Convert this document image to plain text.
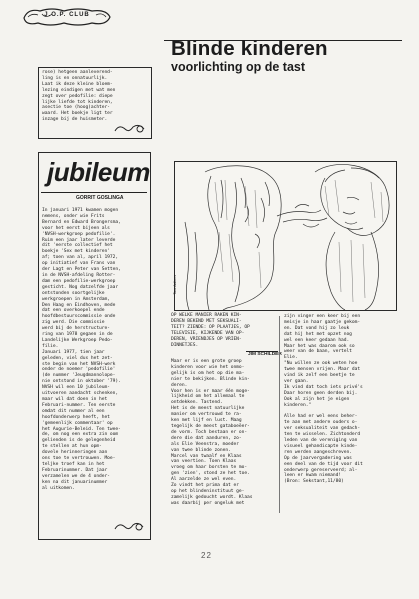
J.O.P. CLUB
rose) hetgeen aanleverend-
ling is en onnatuurlijk.
Laat ik deze kleine bloem-
lezing eindigen met wat men
zegt over pedofilie: diepe
lijke liefde tot kinderen,
asectie toe (hoog)achter-
waard. Het boekje ligt ter
inzage bij de huismeter.
jubileum
GORRIT GOSLINGA
In januari 1971 kwamen mogen
nemens, onder wie Frits
Bernard en Edward Brongersma,
voor het eerst bijeen als
'NVSH-werkgroep pedofilie'.
Ruim een jaar later leverde
dit 'eerste collectief het
boekje 'Sex met kinderen'
af; toen van al, april 1972,
op initiatief van Frans van
der Lagt en Peter van Setten,
in de NVSH-afdeling Rotter-
dam een pedofilie-werkgroep
gesticht. Nog datzelfde jaar
ontstonden soortgelijke
werkgroepen in Amsterdam,
Den Haag en Eindhoven, mede
dat een overkoepel ende
hoofdbestuurscommissie onde
zig werd. Die commissie
werd bij de herstructure-
ring van 1978 gegaen in de
Landelijke Werkgroep Pedo-
filie.
Januari 1977, tien jaar
geleden, viel dus het zet-
ste begin van het NVSH-werk
onder de noemer 'pedofilie'
(de nummer 'Jeugdmannolope-
nie ontstond in oktober '79).
NVSH wil een 10 jubileum-
uitvoeren aandacht schenken,
maar wil dat doen in het
Februari-nummer. Ten eerste
omdat dit nummer al een
hoofdonderwerp heeft, het
'gemeenlijk commentaar' op
het Augurie-Beleid. Ten twee-
de, om nog een extra zin oom
gelienden is de gelegenheid
te stellen at hun opm-
dovele herinneringen aan
ons toe te vertrouwen. Moe-
teljke troef kan in het
Februarinummer. Dat jaar
verzamelen we de 4 onder-
ken na dit januarinummer
al uitkomen.
Blinde kinderen
voorlichting op de tast
Tara Aalbers
OP WELKE MANIER RAKEN KIN-
DEREN BEKEND MET SEKSUALI-
TEIT? ZIENDE: OP PLAATJES, OP
TELEVISIE, KIJKENDE VAN OP-
DEREN, VRIENDJES OP VRIEN-
DINNETJES.
JIM SCHILDER
Maar er is een grote groep
kinderen voor wie het onmo-
gelijk is om het op die ma-
nier te bekijken. Blinde kin-
deren.
Voor hen is er maar één moge-
lijkheid om het allemaal te
ontdekken. Tastend.
Het is de meest natuurlijke
manier om vertrouwd te ra-
ken met lijf en lust. Maag
tegelijk de meest gataboeëer-
de vorm. Toch bestaan er on-
dere die dat aanduren, zo-
als Elie Veenstra, moeder
van twee blinde zonen.
Marcel van twaalf en Klaas
van veertien. Toen Klaas
vroeg om haar borsten te mo-
gen 'zien', stond ze het toe.
Al aarzelde ze wel even.
Zo vindt het prima dat er
op het blindeninstituut ge-
zamelijk gedoucht wordt. Klaas
was daarbij per ongeluk met
zijn vinger een keer bij een
meisje in haar gaatje gekom-
en. Dat vond hij zo leuk
dat hij het met opzet nog
wel een keer gedaan had.
Maar het was daarom ook so
weer van de baan, vertelt
Elie.
"Nu willen ze ook weten hoe
twee mensen vrijen. Maar dat
vind ik zelf een beetje te
ver gaan.
Ik vind dat toch iets privé's
Daar horen geen derden bij.
Ook al zijn het je eigen
kinderen."

Alle had er wel eens beher-
te aan met andere ouders o-
ver seksualiteit van gedach-
ten te wisselen. Zichtonderd
leden van de vereniging van
visueel gehandicapte kinde-
ren werden aangeschreven.
Op de jaarvergadering was
een deel van de tijd voor dit
onderwerp gereserveerd; al-
leen er kwam niemand!
(Bron: Sekstant,11/80)
22
